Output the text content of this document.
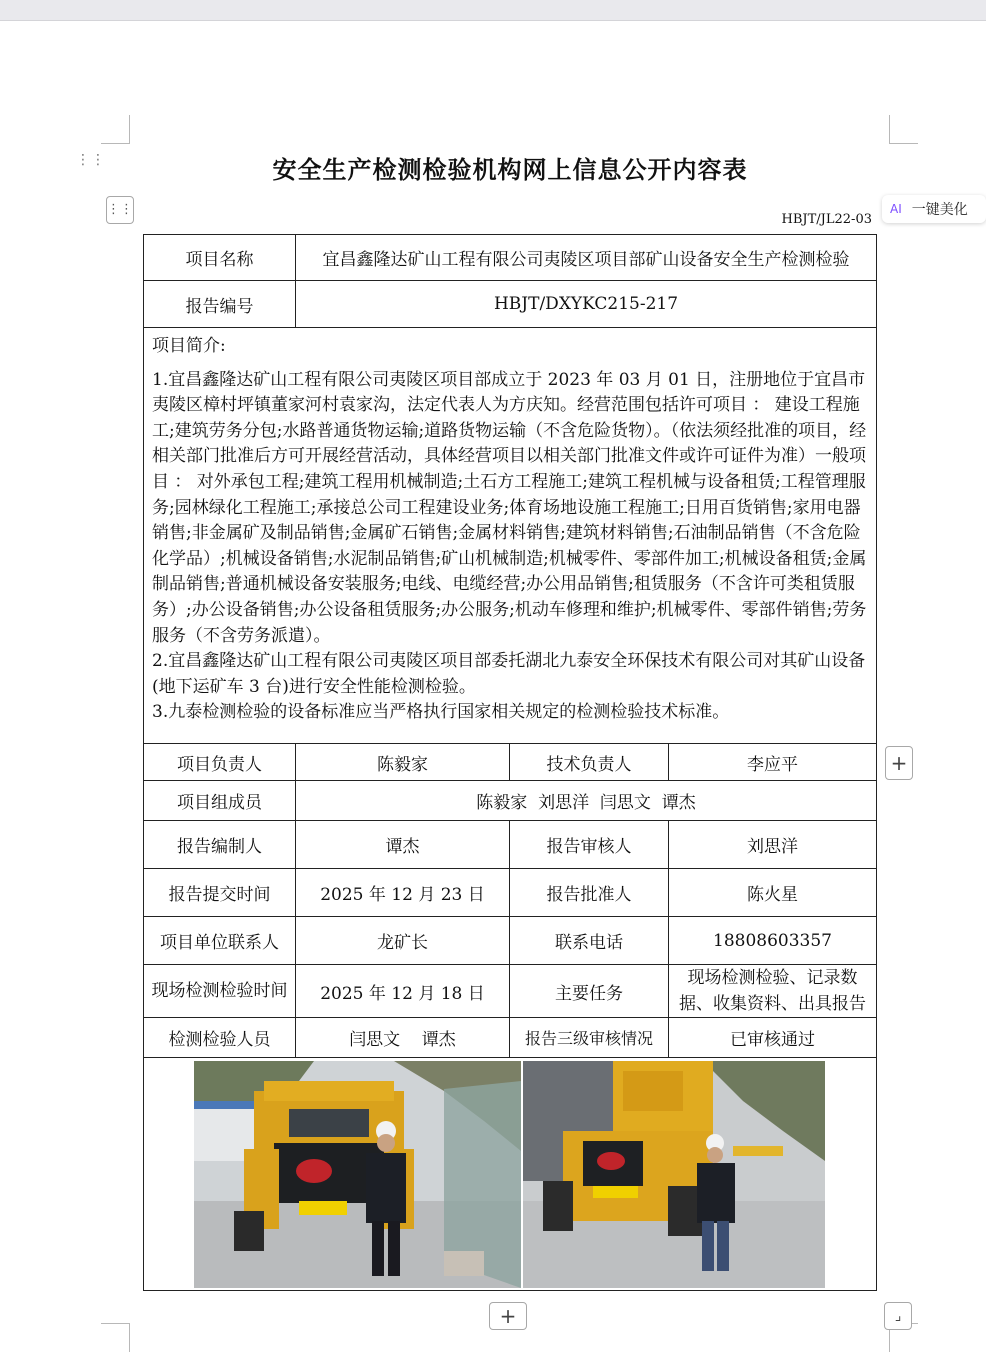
⋮⋮
⋮⋮	AI 一键美化
安全生产检测检验机构网上信息公开内容表
HBJT/JL22-03
项目名称	宜昌鑫隆达矿山工程有限公司夷陵区项目部矿山设备安全生产检测检验		
报告编号	HBJT/DXYKC215-217		

项目简介:

1.宜昌鑫隆达矿山工程有限公司夷陵区项目部成立于 2023 年 03 月 01 日，注册地位于宜昌市夷陵区樟村坪镇董家河村袁家沟，法定代表人为方庆知。经营范围包括许可项目 ： 建设工程施工;建筑劳务分包;水路普通货物运输;道路货物运输（不含危险货物）。（依法须经批准的项目，经相关部门批准后方可开展经营活动，具体经营项目以相关部门批准文件或许可证件为准）一般项目 ： 对外承包工程;建筑工程用机械制造;土石方工程施工;建筑工程机械与设备租赁;工程管理服务;园林绿化工程施工;承接总公司工程建设业务;体育场地设施工程施工;日用百货销售;家用电器销售;非金属矿及制品销售;金属矿石销售;金属材料销售;建筑材料销售;石油制品销售（不含危险化学品）;机械设备销售;水泥制品销售;矿山机械制造;机械零件、零部件加工;机械设备租赁;金属制品销售;普通机械设备安装服务;电线、电缆经营;办公用品销售;租赁服务（不含许可类租赁服务）;办公设备销售;办公设备租赁服务;办公服务;机动车修理和维护;机械零件、零部件销售;劳务服务（不含劳务派遣）。

2.宜昌鑫隆达矿山工程有限公司夷陵区项目部委托湖北九泰安全环保技术有限公司对其矿山设备(地下运矿车 3 台)进行安全性能检测检验。

3.九泰检测检验的设备标准应当严格执行国家相关规定的检测检验技术标准。			

项目负责人	陈毅家	技术负责人	李应平
项目组成员	陈毅家  刘思洋  闫思文  谭杰		
报告编制人	谭杰	报告审核人	刘思洋
报告提交时间	2025 年 12 月 23 日	报告批准人	陈火星
项目单位联系人	龙矿长	联系电话	18808603357
现场检测检验时间	2025 年 12 月 18 日	主要任务	现场检测检验、记录数据、收集资料、出具报告
检测检验人员	闫思文    谭杰	报告三级审核情况	已审核通过

+
+	⌟
